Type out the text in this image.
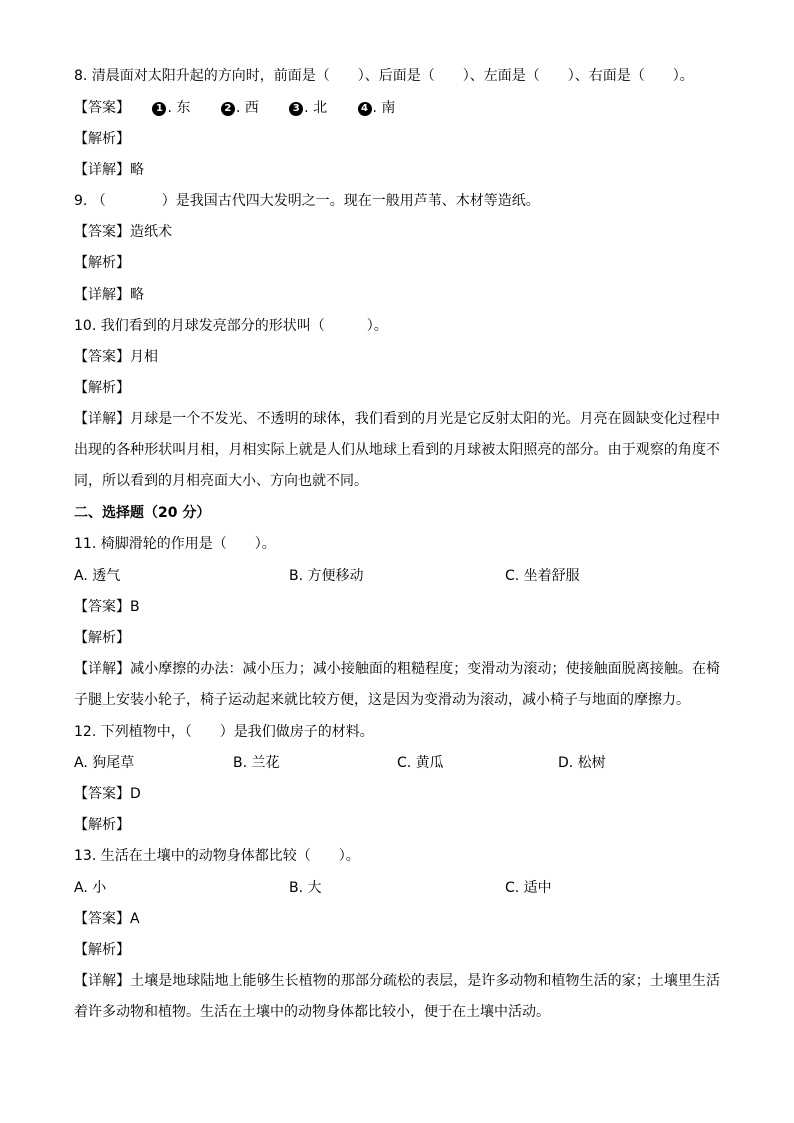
8. 清晨面对太阳升起的方向时，前面是（　　）、后面是（　　）、左面是（　　）、右面是（　　）。
【答案】	1 . 东	2 . 西	3 . 北	4 . 南
【解析】
【详解】略
9. （　　　　）是我国古代四大发明之一。现在一般用芦苇、木材等造纸。
【答案】造纸术
【解析】
【详解】略
10. 我们看到的月球发亮部分的形状叫（　　　）。
【答案】月相
【解析】
【详解】月球是一个不发光、不透明的球体，我们看到的月光是它反射太阳的光。月亮在圆缺变化过程中出现的各种形状叫月相，月相实际上就是人们从地球上看到的月球被太阳照亮的部分。由于观察的角度不同，所以看到的月相亮面大小、方向也就不同。
二、选择题（20 分）
11. 椅脚滑轮的作用是（　　）。
A. 透气	B. 方便移动	C. 坐着舒服
【答案】B
【解析】
【详解】减小摩擦的办法：减小压力；减小接触面的粗糙程度；变滑动为滚动；使接触面脱离接触。在椅子腿上安装小轮子，椅子运动起来就比较方便，这是因为变滑动为滚动，减小椅子与地面的摩擦力。
12. 下列植物中，（　　）是我们做房子的材料。
A. 狗尾草	B. 兰花	C. 黄瓜	D. 松树
【答案】D
【解析】
13. 生活在土壤中的动物身体都比较（　　）。
A. 小	B. 大	C. 适中
【答案】A
【解析】
【详解】土壤是地球陆地上能够生长植物的那部分疏松的表层，是许多动物和植物生活的家；土壤里生活着许多动物和植物。生活在土壤中的动物身体都比较小，便于在土壤中活动。
